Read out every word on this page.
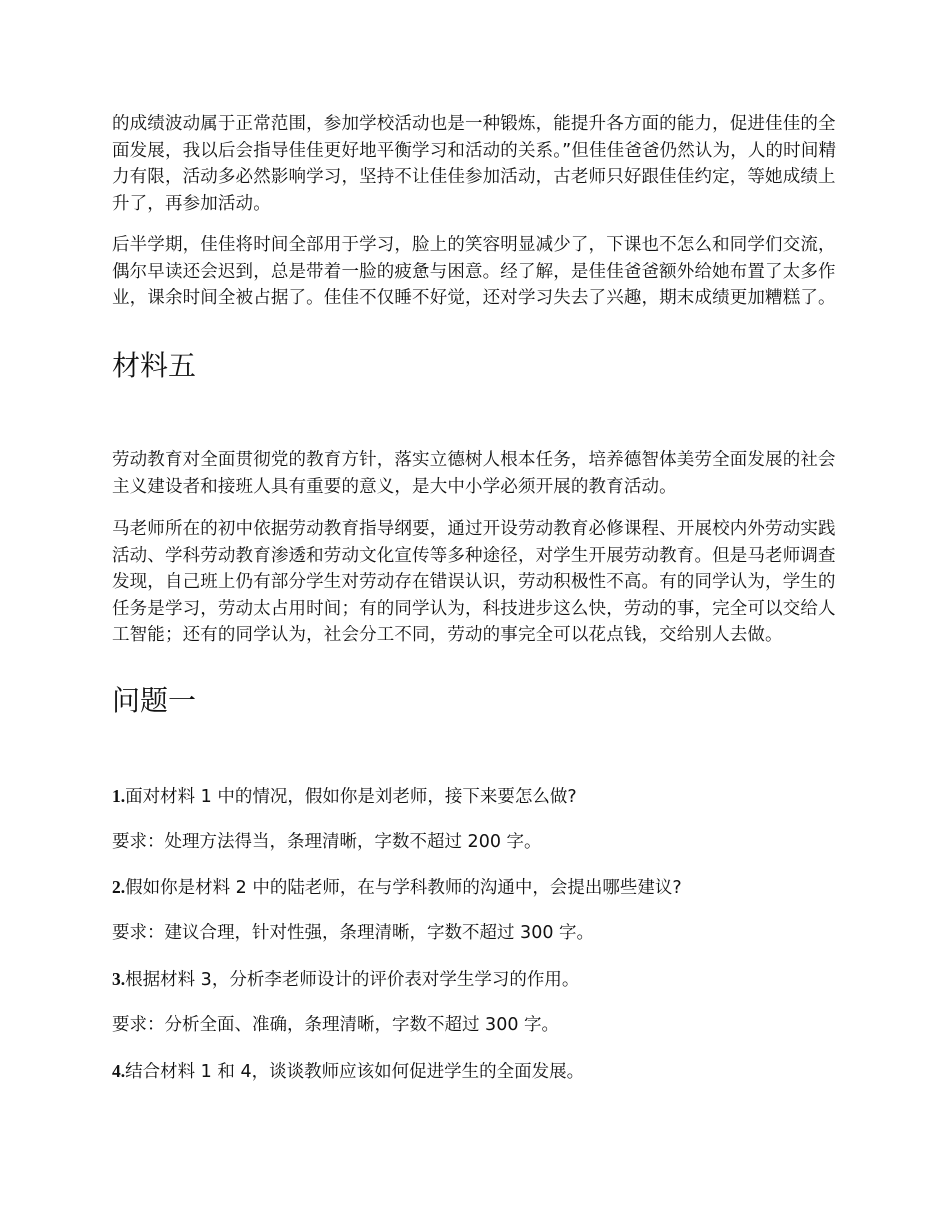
的成绩波动属于正常范围，参加学校活动也是一种锻炼，能提升各方面的能力，促进佳佳的全面发展，我以后会指导佳佳更好地平衡学习和活动的关系。”但佳佳爸爸仍然认为，人的时间精力有限，活动多必然影响学习，坚持不让佳佳参加活动，古老师只好跟佳佳约定，等她成绩上升了，再参加活动。

后半学期，佳佳将时间全部用于学习，脸上的笑容明显减少了，下课也不怎么和同学们交流，偶尔早读还会迟到，总是带着一脸的疲惫与困意。经了解，是佳佳爸爸额外给她布置了太多作业，课余时间全被占据了。佳佳不仅睡不好觉，还对学习失去了兴趣，期末成绩更加糟糕了。

材料五

劳动教育对全面贯彻党的教育方针，落实立德树人根本任务，培养德智体美劳全面发展的社会主义建设者和接班人具有重要的意义，是大中小学必须开展的教育活动。

马老师所在的初中依据劳动教育指导纲要，通过开设劳动教育必修课程、开展校内外劳动实践活动、学科劳动教育渗透和劳动文化宣传等多种途径，对学生开展劳动教育。但是马老师调查发现，自己班上仍有部分学生对劳动存在错误认识，劳动积极性不高。有的同学认为，学生的任务是学习，劳动太占用时间；有的同学认为，科技进步这么快，劳动的事，完全可以交给人工智能；还有的同学认为，社会分工不同，劳动的事完全可以花点钱，交给别人去做。

问题一

1.面对材料 1 中的情况，假如你是刘老师，接下来要怎么做?

要求：处理方法得当，条理清晰，字数不超过 200 字。

2.假如你是材料 2 中的陆老师，在与学科教师的沟通中，会提出哪些建议?

要求：建议合理，针对性强，条理清晰，字数不超过 300 字。

3.根据材料 3，分析李老师设计的评价表对学生学习的作用。

要求：分析全面、准确，条理清晰，字数不超过 300 字。

4.结合材料 1 和 4，谈谈教师应该如何促进学生的全面发展。
